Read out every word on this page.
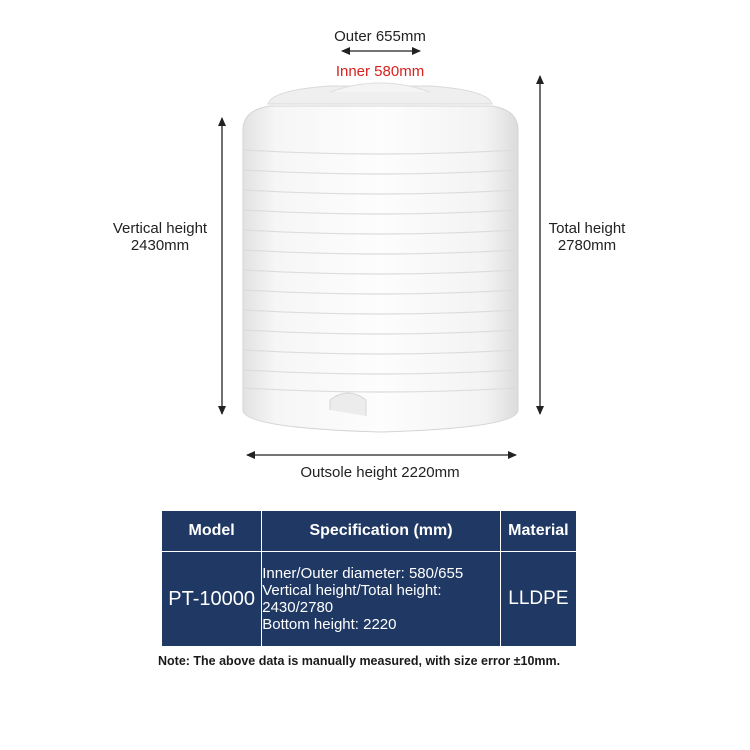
Outer 655mm
Inner 580mm
Vertical height
2430mm
Total height
2780mm
Outsole height 2220mm
Model	Specification (mm)	Material
PT-10000	Inner/Outer diameter: 580/655
Vertical height/Total height:
2430/2780
Bottom height: 2220	LLDPE
Note: The above data is manually measured, with size error ±10mm.
